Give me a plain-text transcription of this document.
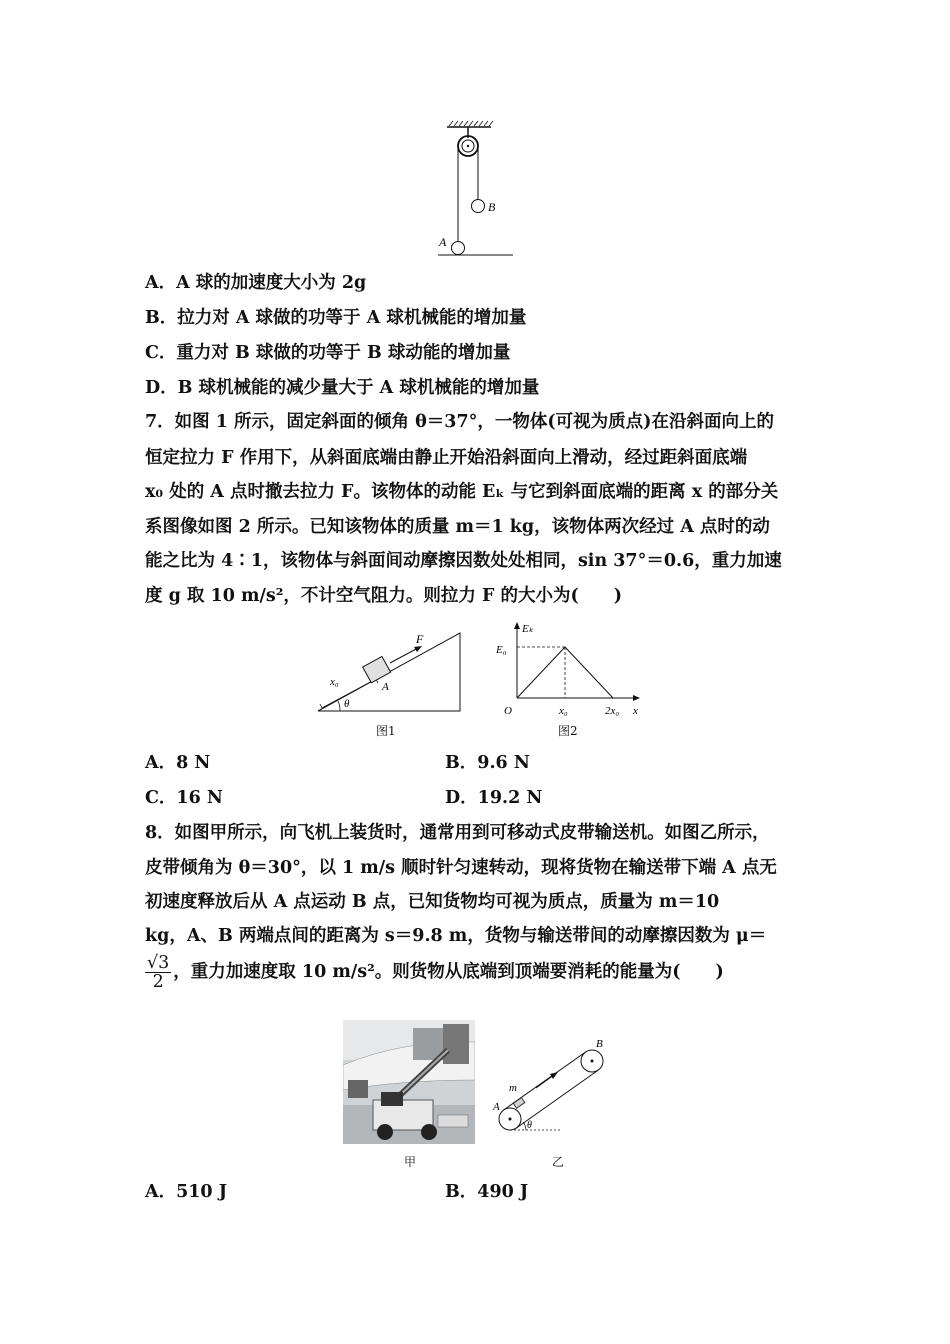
B
A
A．A 球的加速度大小为 2g
B．拉力对 A 球做的功等于 A 球机械能的增加量
C．重力对 B 球做的功等于 B 球动能的增加量
D．B 球机械能的减少量大于 A 球机械能的增加量
7．如图 1 所示，固定斜面的倾角 θ＝37°，一物体(可视为质点)在沿斜面向上的
恒定拉力 F 作用下，从斜面底端由静止开始沿斜面向上滑动，经过距斜面底端
x₀ 处的 A 点时撤去拉力 F。该物体的动能 Eₖ 与它到斜面底端的距离 x 的部分关
系图像如图 2 所示。已知该物体的质量 m＝1 kg，该物体两次经过 A 点时的动
能之比为 4∶1，该物体与斜面间动摩擦因数处处相同，sin 37°＝0.6，重力加速
度 g 取 10 m/s²，不计空气阻力。则拉力 F 的大小为(　　)
x₀	A
F
θ
图1
Eₖ
x
O
E₀
x₀	2x₀
图2
A．8 N	B．9.6 N
C．16 N	D．19.2 N
8．如图甲所示，向飞机上装货时，通常用到可移动式皮带输送机。如图乙所示，
皮带倾角为 θ＝30°，以 1 m/s 顺时针匀速转动，现将货物在输送带下端 A 点无
初速度释放后从 A 点运动 B 点，已知货物均可视为质点，质量为 m＝10
kg，A、B 两端点间的距离为 s＝9.8 m，货物与输送带间的动摩擦因数为 μ＝
$\frac{√3}{2}$ ，重力加速度取 10 m/s²。则货物从底端到顶端要消耗的能量为(　　)
甲
m
A
B
θ
乙
A．510 J	B．490 J
